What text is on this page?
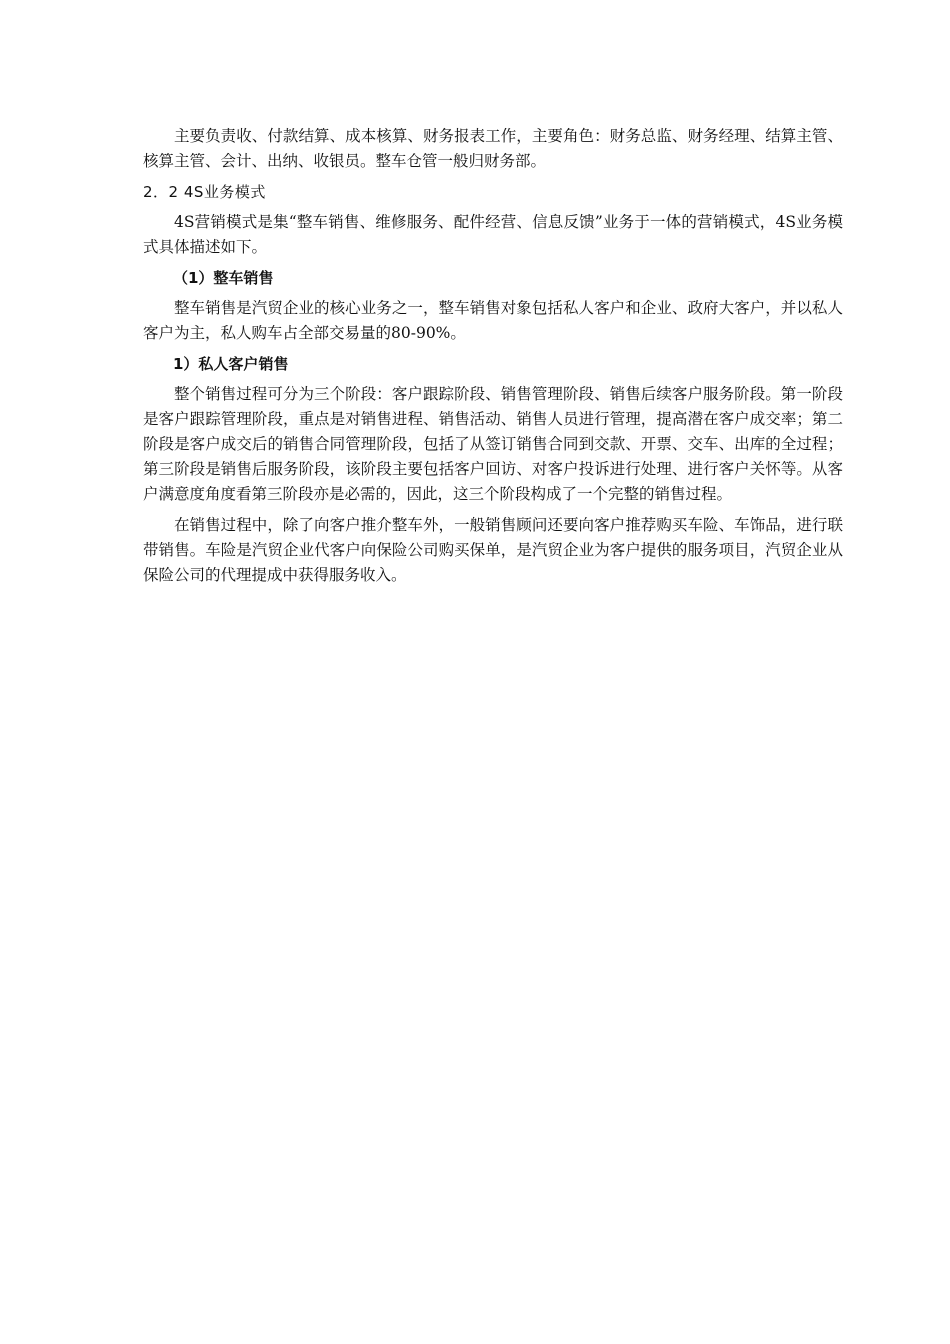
主要负责收、付款结算、成本核算、财务报表工作，主要角色：财务总监、财务经理、结算主管、核算主管、会计、出纳、收银员。整车仓管一般归财务部。

2．2 4S业务模式

4S营销模式是集“整车销售、维修服务、配件经营、信息反馈”业务于一体的营销模式，4S业务模式具体描述如下。

（1）整车销售

整车销售是汽贸企业的核心业务之一，整车销售对象包括私人客户和企业、政府大客户，并以私人客户为主，私人购车占全部交易量的80-90%。

1）私人客户销售

整个销售过程可分为三个阶段：客户跟踪阶段、销售管理阶段、销售后续客户服务阶段。第一阶段是客户跟踪管理阶段，重点是对销售进程、销售活动、销售人员进行管理，提高潜在客户成交率；第二阶段是客户成交后的销售合同管理阶段，包括了从签订销售合同到交款、开票、交车、出库的全过程；第三阶段是销售后服务阶段，该阶段主要包括客户回访、对客户投诉进行处理、进行客户关怀等。从客户满意度角度看第三阶段亦是必需的，因此，这三个阶段构成了一个完整的销售过程。

在销售过程中，除了向客户推介整车外，一般销售顾问还要向客户推荐购买车险、车饰品，进行联带销售。车险是汽贸企业代客户向保险公司购买保单，是汽贸企业为客户提供的服务项目，汽贸企业从保险公司的代理提成中获得服务收入。
